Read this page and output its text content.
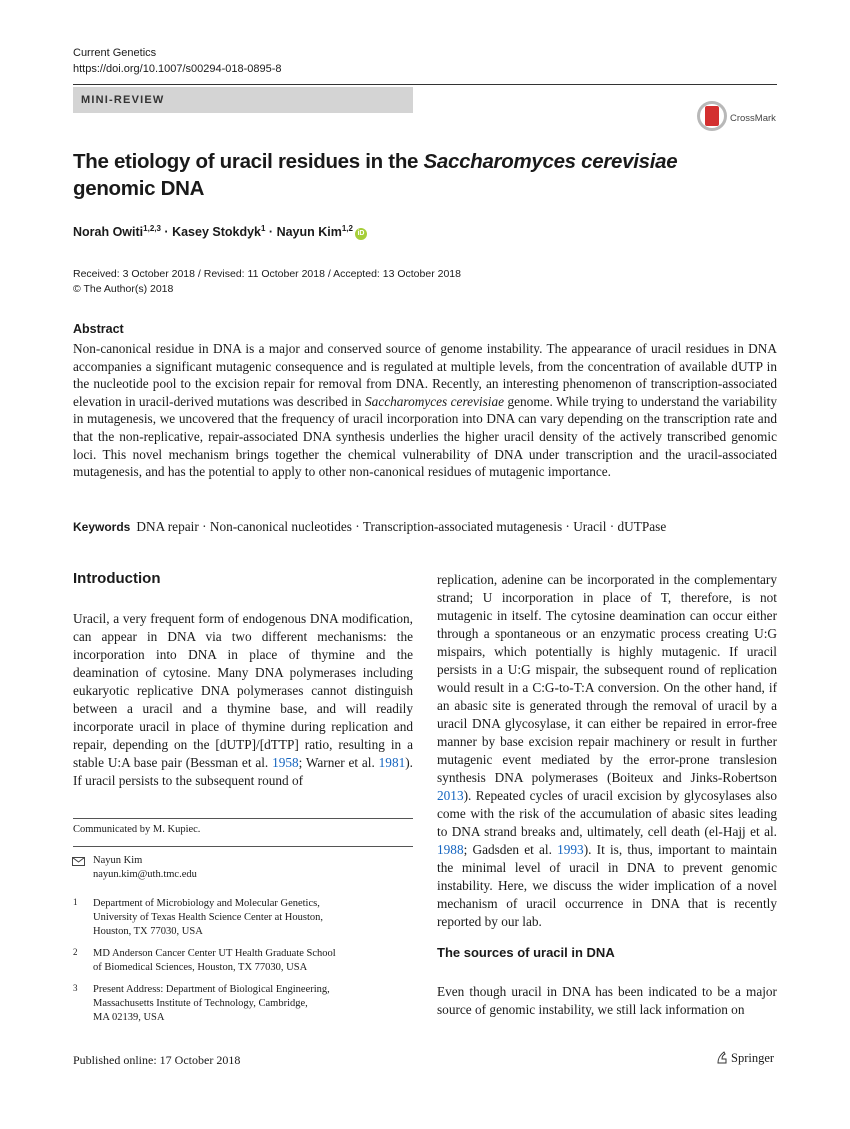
Current Genetics
https://doi.org/10.1007/s00294-018-0895-8
MINI-REVIEW
CrossMark
The etiology of uracil residues in the Saccharomyces cerevisiae genomic DNA
Norah Owiti$^{1,2,3}$ · Kasey Stokdyk$^1$ · Nayun Kim$^{1,2}$iD
Received: 3 October 2018 / Revised: 11 October 2018 / Accepted: 13 October 2018
© The Author(s) 2018
Abstract
Non-canonical residue in DNA is a major and conserved source of genome instability. The appearance of uracil residues in DNA accompanies a significant mutagenic consequence and is regulated at multiple levels, from the concentration of available dUTP in the nucleotide pool to the excision repair for removal from DNA. Recently, an interesting phenomenon of transcription-associated elevation in uracil-derived mutations was described in Saccharomyces cerevisiae genome. While trying to understand the variability in mutagenesis, we uncovered that the frequency of uracil incorporation into DNA can vary depending on the transcription rate and that the non-replicative, repair-associated DNA synthesis underlies the higher uracil density of the actively transcribed genomic loci. This novel mechanism brings together the chemical vulnerability of DNA under transcription and the uracil-associated mutagenesis, and has the potential to apply to other non-canonical residues of mutagenic importance.
Keywords DNA repair · Non-canonical nucleotides · Transcription-associated mutagenesis · Uracil · dUTPase
Introduction
Uracil, a very frequent form of endogenous DNA modification, can appear in DNA via two different mechanisms: the incorporation into DNA in place of thymine and the deamination of cytosine. Many DNA polymerases including eukaryotic replicative DNA polymerases cannot distinguish between a uracil and a thymine base, and will readily incorporate uracil in place of thymine during replication and repair, depending on the [dUTP]/[dTTP] ratio, resulting in a stable U:A base pair (Bessman et al. 1958; Warner et al. 1981). If uracil persists to the subsequent round of
replication, adenine can be incorporated in the complementary strand; U incorporation in place of T, therefore, is not mutagenic in itself. The cytosine deamination can occur either through a spontaneous or an enzymatic process creating U:G mispairs, which potentially is highly mutagenic. If uracil persists in a U:G mispair, the subsequent round of replication would result in a C:G-to-T:A conversion. On the other hand, if an abasic site is generated through the removal of uracil by a uracil DNA glycosylase, it can either be repaired in error-free manner by base excision repair machinery or result in further mutagenic event mediated by the error-prone translesion synthesis DNA polymerases (Boiteux and Jinks-Robertson 2013). Repeated cycles of uracil excision by glycosylases also come with the risk of the accumulation of abasic sites leading to DNA strand breaks and, ultimately, cell death (el-Hajj et al. 1988; Gadsden et al. 1993). It is, thus, important to maintain the minimal level of uracil in DNA to prevent genomic instability. Here, we discuss the wider implication of a novel mechanism of uracil occurrence in DNA that is recently reported by our lab.
The sources of uracil in DNA
Even though uracil in DNA has been indicated to be a major source of genomic instability, we still lack information on
Communicated by M. Kupiec.
Nayun Kim
nayun.kim@uth.tmc.edu
1 Department of Microbiology and Molecular Genetics,
University of Texas Health Science Center at Houston,
Houston, TX 77030, USA
2 MD Anderson Cancer Center UT Health Graduate School
of Biomedical Sciences, Houston, TX 77030, USA
3 Present Address: Department of Biological Engineering,
Massachusetts Institute of Technology, Cambridge,
MA 02139, USA
Published online: 17 October 2018	Springer
